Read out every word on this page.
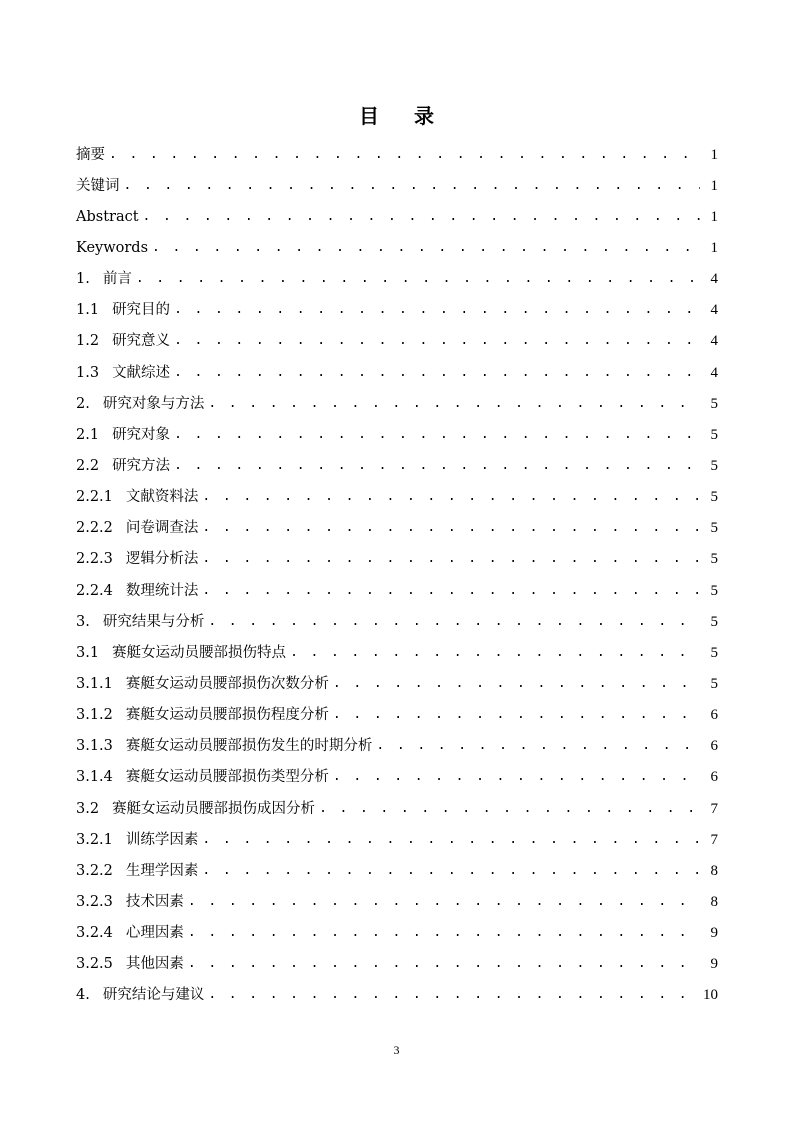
目 录
摘要 . . .	1
关键词 . . .	1
Abstract . . .	1
Keywords . . .	1
1. 前言 . . .	4
1.1 研究目的 . . .	4
1.2 研究意义 . . .	4
1.3 文献综述 . . .	4
2. 研究对象与方法 . . .	5
2.1 研究对象 . . .	5
2.2 研究方法 . . .	5
2.2.1 文献资料法 . . .	5
2.2.2 问卷调查法 . . .	5
2.2.3 逻辑分析法 . . .	5
2.2.4 数理统计法 . . .	5
3. 研究结果与分析 . . .	5
3.1 赛艇女运动员腰部损伤特点 . . .	5
3.1.1 赛艇女运动员腰部损伤次数分析 . . .	5
3.1.2 赛艇女运动员腰部损伤程度分析 . . .	6
3.1.3 赛艇女运动员腰部损伤发生的时期分析 . . .	6
3.1.4 赛艇女运动员腰部损伤类型分析 . . .	6
3.2 赛艇女运动员腰部损伤成因分析 . . .	7
3.2.1 训练学因素 . . .	7
3.2.2 生理学因素 . . .	8
3.2.3 技术因素 . . .	8
3.2.4 心理因素 . . .	9
3.2.5 其他因素 . . .	9
4. 研究结论与建议 . . .	10
3
